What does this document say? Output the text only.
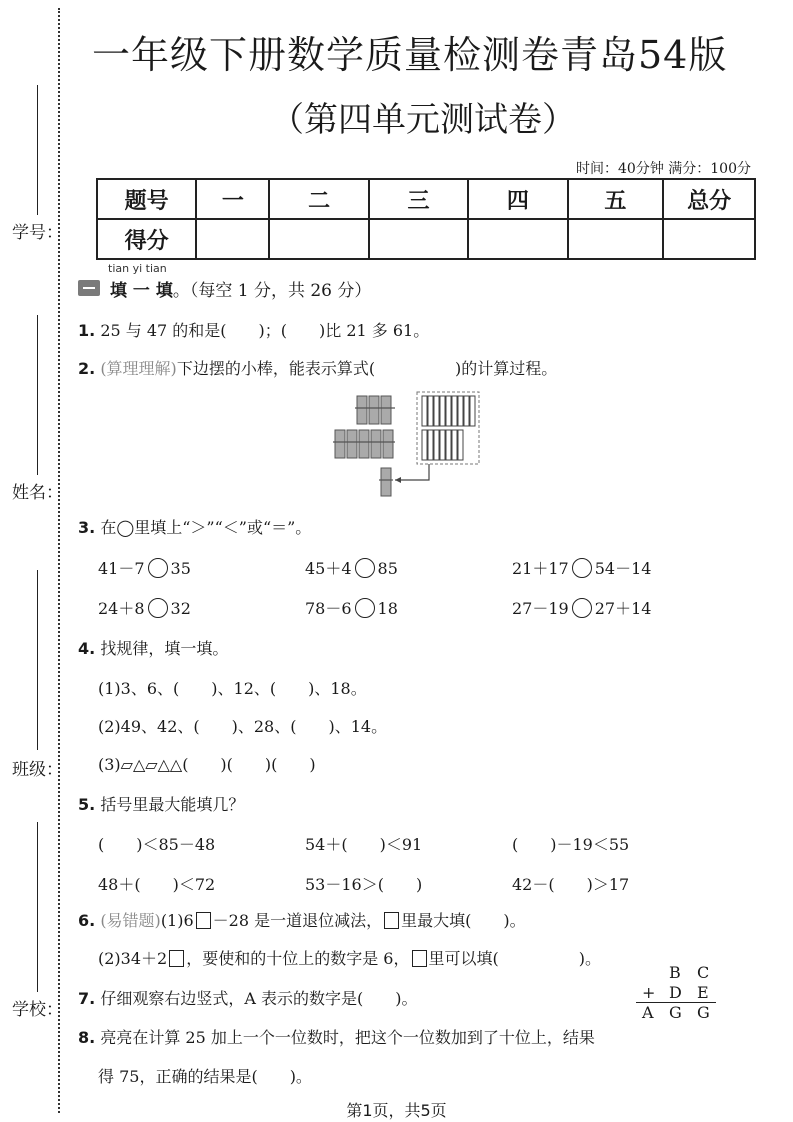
学号：
姓名：
班级：
学校：
一年级下册数学质量检测卷青岛54版
（第四单元测试卷）
时间：40分钟 满分：100分
题号	一	二	三	四	五	总分
得分						
tian yi tian
填 一 填。（每空 1 分，共 26 分）
1. 25 与 47 的和是(　　)；(　　)比 21 多 61。
2. (算理理解)下边摆的小棒，能表示算式(　　　　　)的计算过程。
3. 在◯里填上“＞”“＜”或“＝”。
41－7 35	45＋4 85	21＋17 54－14
24＋8 32	78－6 18	27－19 27＋14
4. 找规律，填一填。
(1)3、6、(　　)、12、(　　)、18。
(2)49、42、(　　)、28、(　　)、14。
(3)▱△▱△△(　　)(　　)(　　)
5. 括号里最大能填几？
(　　)＜85－48	54＋(　　)＜91	(　　)－19＜55
48＋(　　)＜72	53－16＞(　　)	42－(　　)＞17
6. (易错题)(1)6 －28 是一道退位减法， 里最大填(　　)。
(2)34＋2 ，要使和的十位上的数字是 6， 里可以填(　　　　　)。
7. 仔细观察右边竖式，A 表示的数字是(　　)。
B C
+ D E
A G G
8. 亮亮在计算 25 加上一个一位数时，把这个一位数加到了十位上，结果
得 75，正确的结果是(　　)。
第1页，共5页
